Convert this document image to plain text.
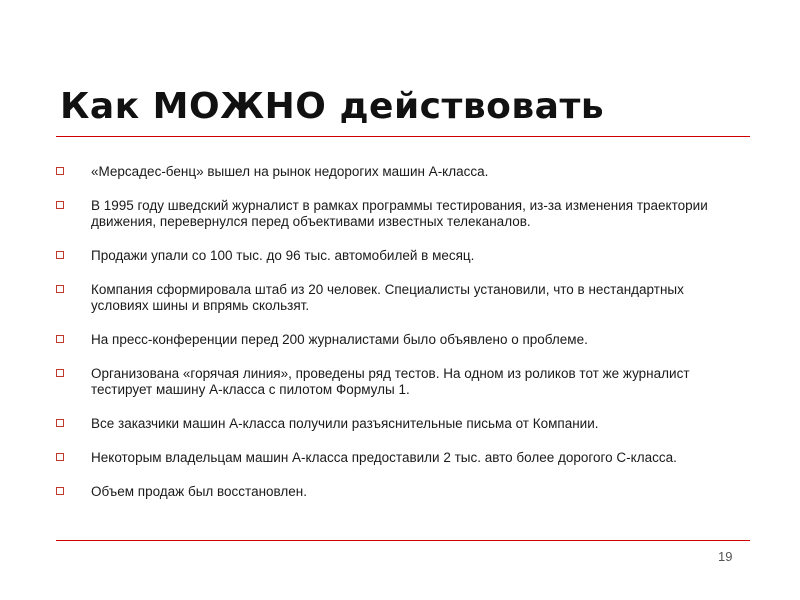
Как МОЖНО действовать
«Мерсадес-бенц» вышел на рынок недорогих машин А-класса.
В 1995 году шведский журналист в рамках программы тестирования, из-за изменения траектории движения, перевернулся перед объективами известных телеканалов.
Продажи упали со 100 тыс. до 96 тыс. автомобилей в месяц.
Компания сформировала штаб из 20 человек. Специалисты установили, что в нестандартных условиях шины и впрямь скользят.
На пресс-конференции перед 200 журналистами было объявлено о проблеме.
Организована «горячая линия», проведены ряд тестов. На одном из роликов тот же журналист тестирует машину А-класса с пилотом Формулы 1.
Все заказчики машин А-класса получили разъяснительные письма от Компании.
Некоторым владельцам машин А-класса предоставили 2 тыс. авто более дорогого С-класса.
Объем продаж был восстановлен.
19
